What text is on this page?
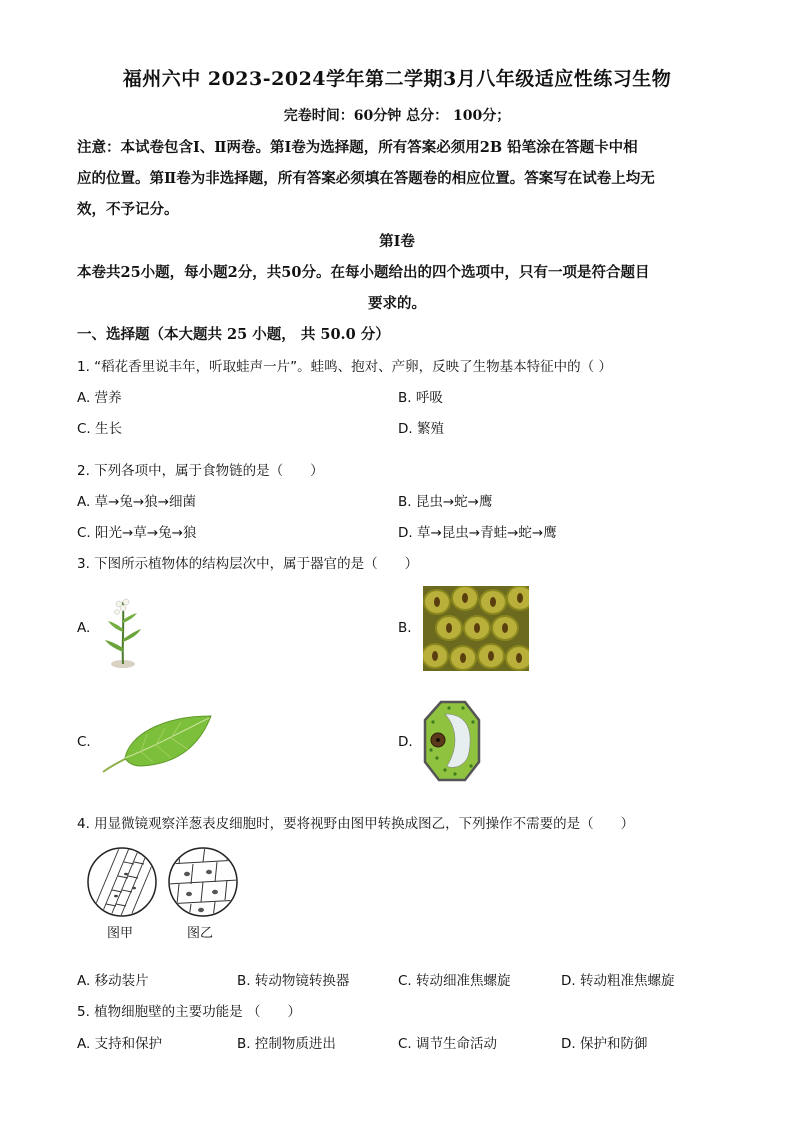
福州六中 2023-2024学年第二学期3月八年级适应性练习生物
完卷时间：60分钟 总分： 100分；
注意：本试卷包含Ⅰ、Ⅱ两卷。第Ⅰ卷为选择题，所有答案必须用2B 铅笔涂在答题卡中相
应的位置。第Ⅱ卷为非选择题，所有答案必须填在答题卷的相应位置。答案写在试卷上均无
效，不予记分。
第Ⅰ卷
本卷共25小题，每小题2分，共50分。在每小题给出的四个选项中，只有一项是符合题目
要求的。
一、选择题（本大题共 25 小题， 共 50.0 分）
1. “稻花香里说丰年，听取蛙声一片”。蛙鸣、抱对、产卵，反映了生物基本特征中的（ ）
A. 营养	B. 呼吸
C. 生长	D. 繁殖
2. 下列各项中，属于食物链的是（　　）
A. 草→兔→狼→细菌	B. 昆虫→蛇→鹰
C. 阳光→草→兔→狼	D. 草→昆虫→青蛙→蛇→鹰
3. 下图所示植物体的结构层次中，属于器官的是（　　）
A.	B.
C.	D.
4. 用显微镜观察洋葱表皮细胞时，要将视野由图甲转换成图乙，下列操作不需要的是（　　）
图甲	图乙
A. 移动装片	B. 转动物镜转换器	C. 转动细准焦螺旋	D. 转动粗准焦螺旋
5. 植物细胞壁的主要功能是 （　　）
A. 支持和保护	B. 控制物质进出	C. 调节生命活动	D. 保护和防御
